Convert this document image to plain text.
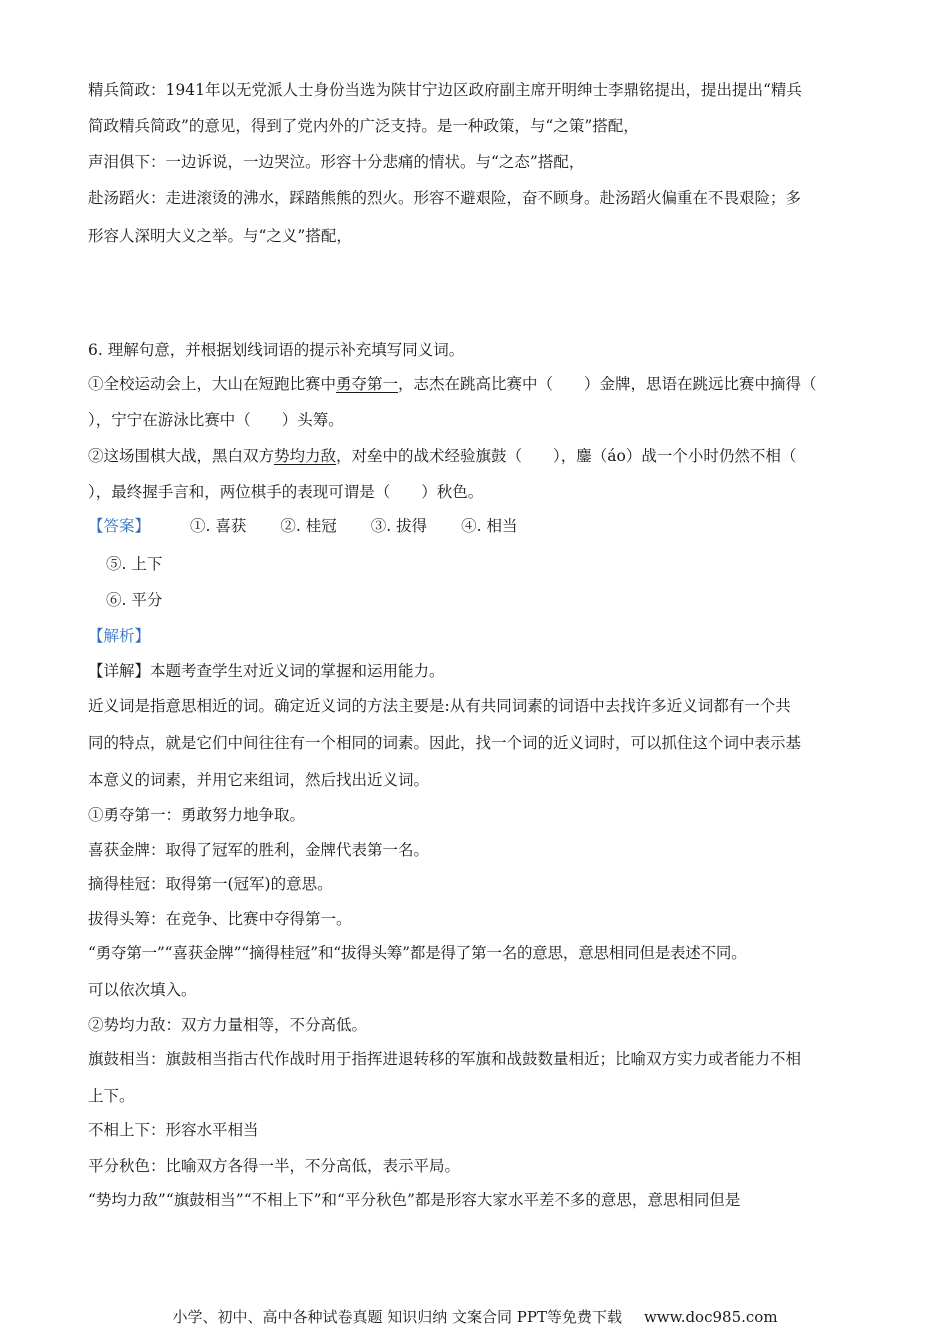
精兵简政：1941年以无党派人士身份当选为陕甘宁边区政府副主席开明绅士李鼎铭提出，提出提出“精兵
简政精兵简政”的意见，得到了党内外的广泛支持。是一种政策，与“之策”搭配，
声泪俱下：一边诉说，一边哭泣。形容十分悲痛的情状。与“之态”搭配，
赴汤蹈火：走进滚烫的沸水，踩踏熊熊的烈火。形容不避艰险，奋不顾身。赴汤蹈火偏重在不畏艰险；多
形容人深明大义之举。与“之义”搭配，
6. 理解句意，并根据划线词语的提示补充填写同义词。
①全校运动会上，大山在短跑比赛中勇夺第一，志杰在跳高比赛中（　　）金牌，思语在跳远比赛中摘得（
），宁宁在游泳比赛中（　　）头筹。
②这场围棋大战，黑白双方势均力敌，对垒中的战术经验旗鼓（　　），鏖（áo）战一个小时仍然不相（
），最终握手言和，两位棋手的表现可谓是（　　）秋色。
【答案】	①. 喜获 ②. 桂冠 ③. 拔得 ④. 相当
⑤. 上下
⑥. 平分
【解析】
【详解】本题考查学生对近义词的掌握和运用能力。
近义词是指意思相近的词。确定近义词的方法主要是:从有共同词素的词语中去找许多近义词都有一个共
同的特点，就是它们中间往往有一个相同的词素。因此，找一个词的近义词时，可以抓住这个词中表示基
本意义的词素，并用它来组词，然后找出近义词。
①勇夺第一：勇敢努力地争取。
喜获金牌：取得了冠军的胜利，金牌代表第一名。
摘得桂冠：取得第一(冠军)的意思。
拔得头筹：在竞争、比赛中夺得第一。
“勇夺第一”“喜获金牌”“摘得桂冠”和“拔得头筹”都是得了第一名的意思，意思相同但是表述不同。
可以依次填入。
②势均力敌：双方力量相等，不分高低。
旗鼓相当：旗鼓相当指古代作战时用于指挥进退转移的军旗和战鼓数量相近；比喻双方实力或者能力不相
上下。
不相上下：形容水平相当
平分秋色：比喻双方各得一半，不分高低，表示平局。
“势均力敌”“旗鼓相当”“不相上下”和“平分秋色”都是形容大家水平差不多的意思，意思相同但是
小学、初中、高中各种试卷真题 知识归纳 文案合同 PPT等免费下载 www.doc985.com
